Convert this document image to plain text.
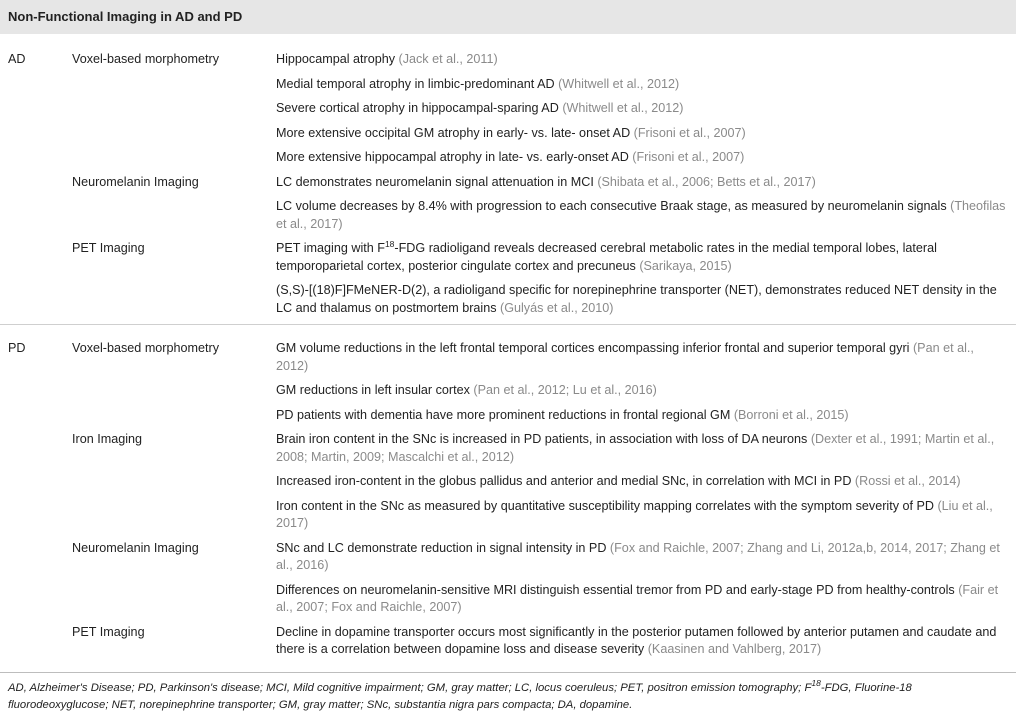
Non-Functional Imaging in AD and PD
AD	Voxel-based morphometry	Hippocampal atrophy (Jack et al., 2011)
Medial temporal atrophy in limbic-predominant AD (Whitwell et al., 2012)
Severe cortical atrophy in hippocampal-sparing AD (Whitwell et al., 2012)
More extensive occipital GM atrophy in early- vs. late- onset AD (Frisoni et al., 2007)
More extensive hippocampal atrophy in late- vs. early-onset AD (Frisoni et al., 2007)

	Neuromelanin Imaging	LC demonstrates neuromelanin signal attenuation in MCI (Shibata et al., 2006; Betts et al., 2017)
LC volume decreases by 8.4% with progression to each consecutive Braak stage, as measured by neuromelanin signals (Theofilas et al., 2017)

	PET Imaging	PET imaging with $F^{18}$-FDG radioligand reveals decreased cerebral metabolic rates in the medial temporal lobes, lateral temporoparietal cortex, posterior cingulate cortex and precuneus (Sarikaya, 2015)
(S,S)-[(18)F]FMeNER-D(2), a radioligand specific for norepinephrine transporter (NET), demonstrates reduced NET density in the LC and thalamus on postmortem brains (Gulyás et al., 2010)
PD	Voxel-based morphometry	GM volume reductions in the left frontal temporal cortices encompassing inferior frontal and superior temporal gyri (Pan et al., 2012)
GM reductions in left insular cortex (Pan et al., 2012; Lu et al., 2016)
PD patients with dementia have more prominent reductions in frontal regional GM (Borroni et al., 2015)

	Iron Imaging	Brain iron content in the SNc is increased in PD patients, in association with loss of DA neurons (Dexter et al., 1991; Martin et al., 2008; Martin, 2009; Mascalchi et al., 2012)
Increased iron-content in the globus pallidus and anterior and medial SNc, in correlation with MCI in PD (Rossi et al., 2014)
Iron content in the SNc as measured by quantitative susceptibility mapping correlates with the symptom severity of PD (Liu et al., 2017)

	Neuromelanin Imaging	SNc and LC demonstrate reduction in signal intensity in PD (Fox and Raichle, 2007; Zhang and Li, 2012a,b, 2014, 2017; Zhang et al., 2016)
Differences on neuromelanin-sensitive MRI distinguish essential tremor from PD and early-stage PD from healthy-controls (Fair et al., 2007; Fox and Raichle, 2007)

	PET Imaging	Decline in dopamine transporter occurs most significantly in the posterior putamen followed by anterior putamen and caudate and there is a correlation between dopamine loss and disease severity (Kaasinen and Vahlberg, 2017)
AD, Alzheimer's Disease; PD, Parkinson's disease; MCI, Mild cognitive impairment; GM, gray matter; LC, locus coeruleus; PET, positron emission tomography; $F^{18}$-FDG, Fluorine-18 fluorodeoxyglucose; NET, norepinephrine transporter; GM, gray matter; SNc, substantia nigra pars compacta; DA, dopamine.
